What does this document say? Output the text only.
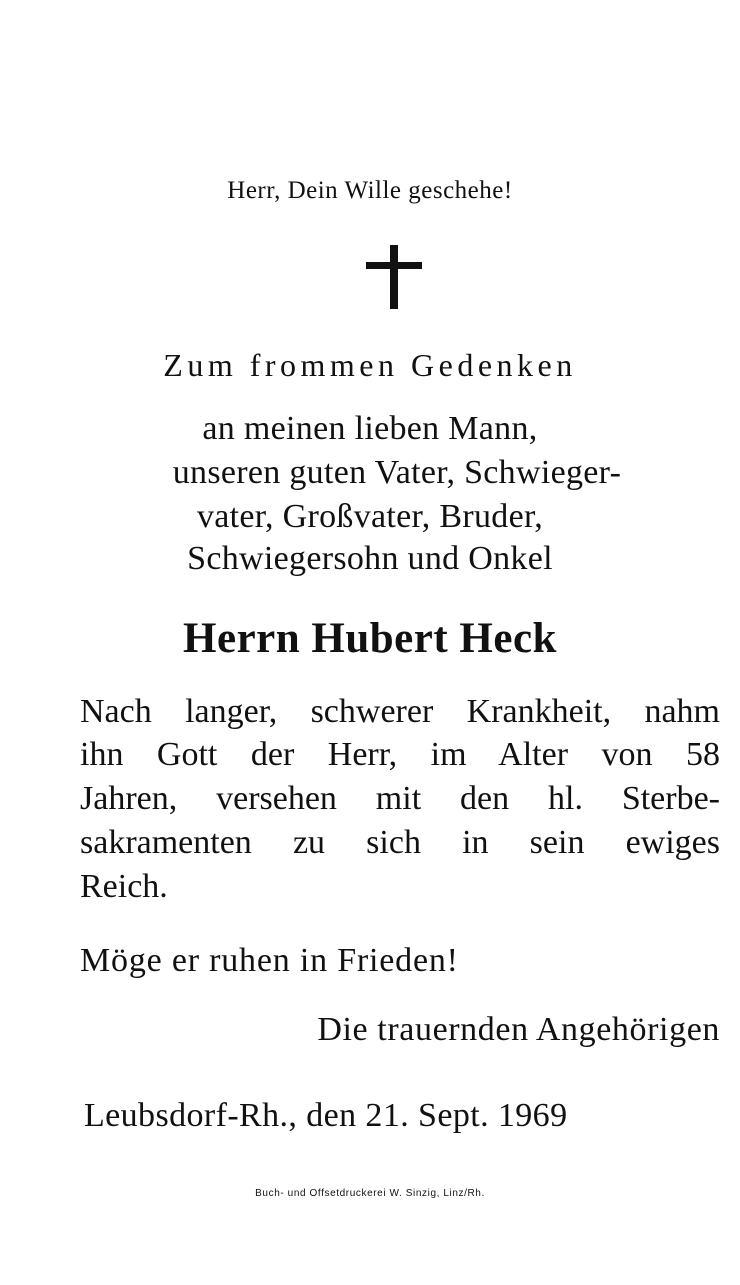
Herr, Dein Wille geschehe!

Zum frommen Gedenken

an meinen lieben Mann,

unseren guten Vater, Schwieger-

vater, Großvater, Bruder,

Schwiegersohn und Onkel

Herrn Hubert Heck

Nach langer, schwerer Krankheit, nahm

ihn Gott der Herr, im Alter von 58

Jahren, versehen mit den hl. Sterbe-

sakramenten zu sich in sein ewiges

Reich.

Möge er ruhen in Frieden!

Die trauernden Angehörigen

Leubsdorf-Rh., den 21. Sept. 1969

Buch- und Offsetdruckerei W. Sinzig, Linz/Rh.
